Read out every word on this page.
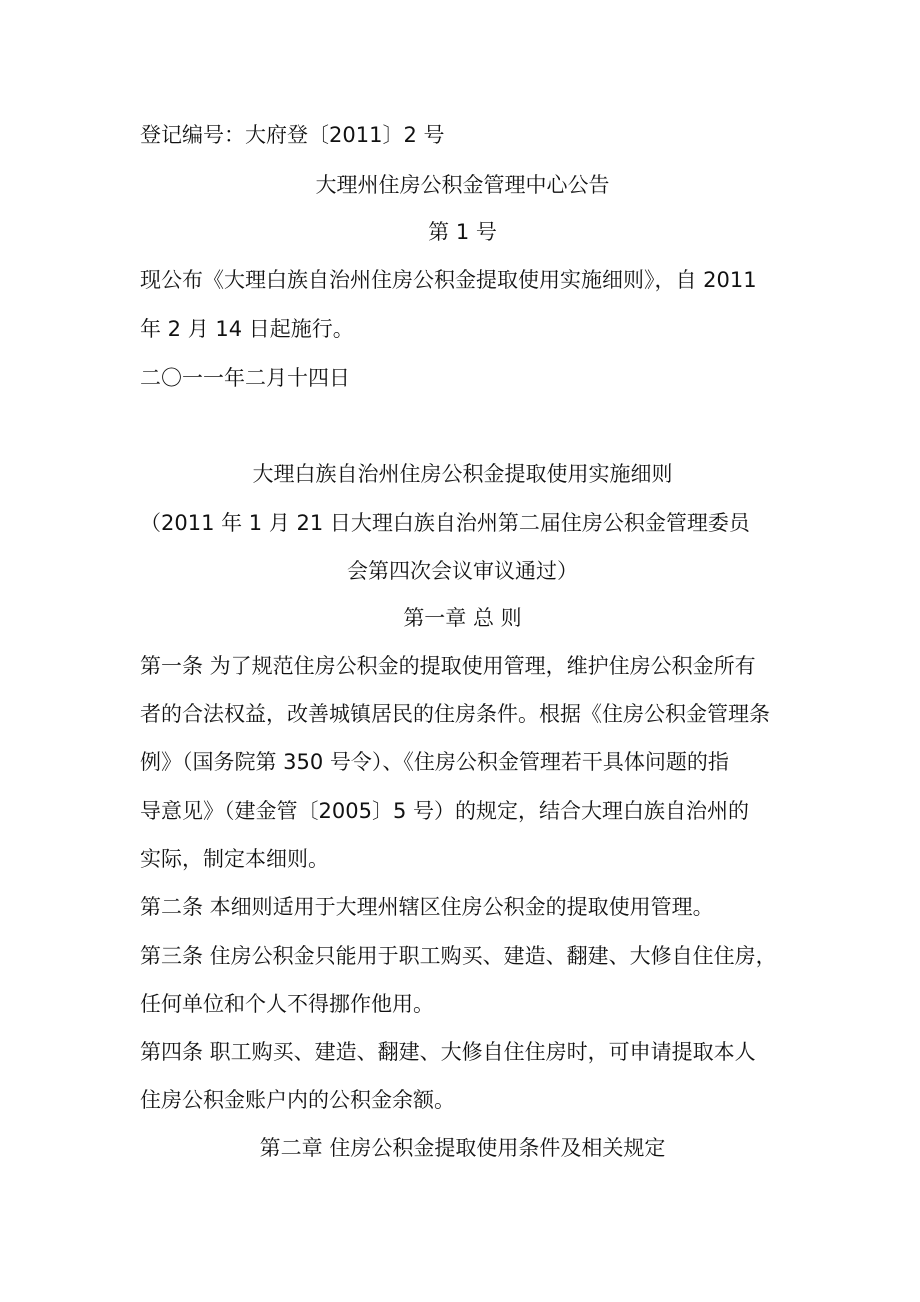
登记编号：大府登〔2011〕2 号
大理州住房公积金管理中心公告
第 1 号
现公布《大理白族自治州住房公积金提取使用实施细则》，自 2011
年 2 月 14 日起施行。
二〇一一年二月十四日
大理白族自治州住房公积金提取使用实施细则
（2011 年 1 月 21 日大理白族自治州第二届住房公积金管理委员
会第四次会议审议通过）
第一章 总 则
第一条 为了规范住房公积金的提取使用管理，维护住房公积金所有
者的合法权益，改善城镇居民的住房条件。根据《住房公积金管理条
例》（国务院第 350 号令）、《住房公积金管理若干具体问题的指
导意见》（建金管〔2005〕5 号）的规定，结合大理白族自治州的
实际，制定本细则。
第二条 本细则适用于大理州辖区住房公积金的提取使用管理。
第三条 住房公积金只能用于职工购买、建造、翻建、大修自住住房，
任何单位和个人不得挪作他用。
第四条 职工购买、建造、翻建、大修自住住房时，可申请提取本人
住房公积金账户内的公积金余额。
第二章 住房公积金提取使用条件及相关规定
